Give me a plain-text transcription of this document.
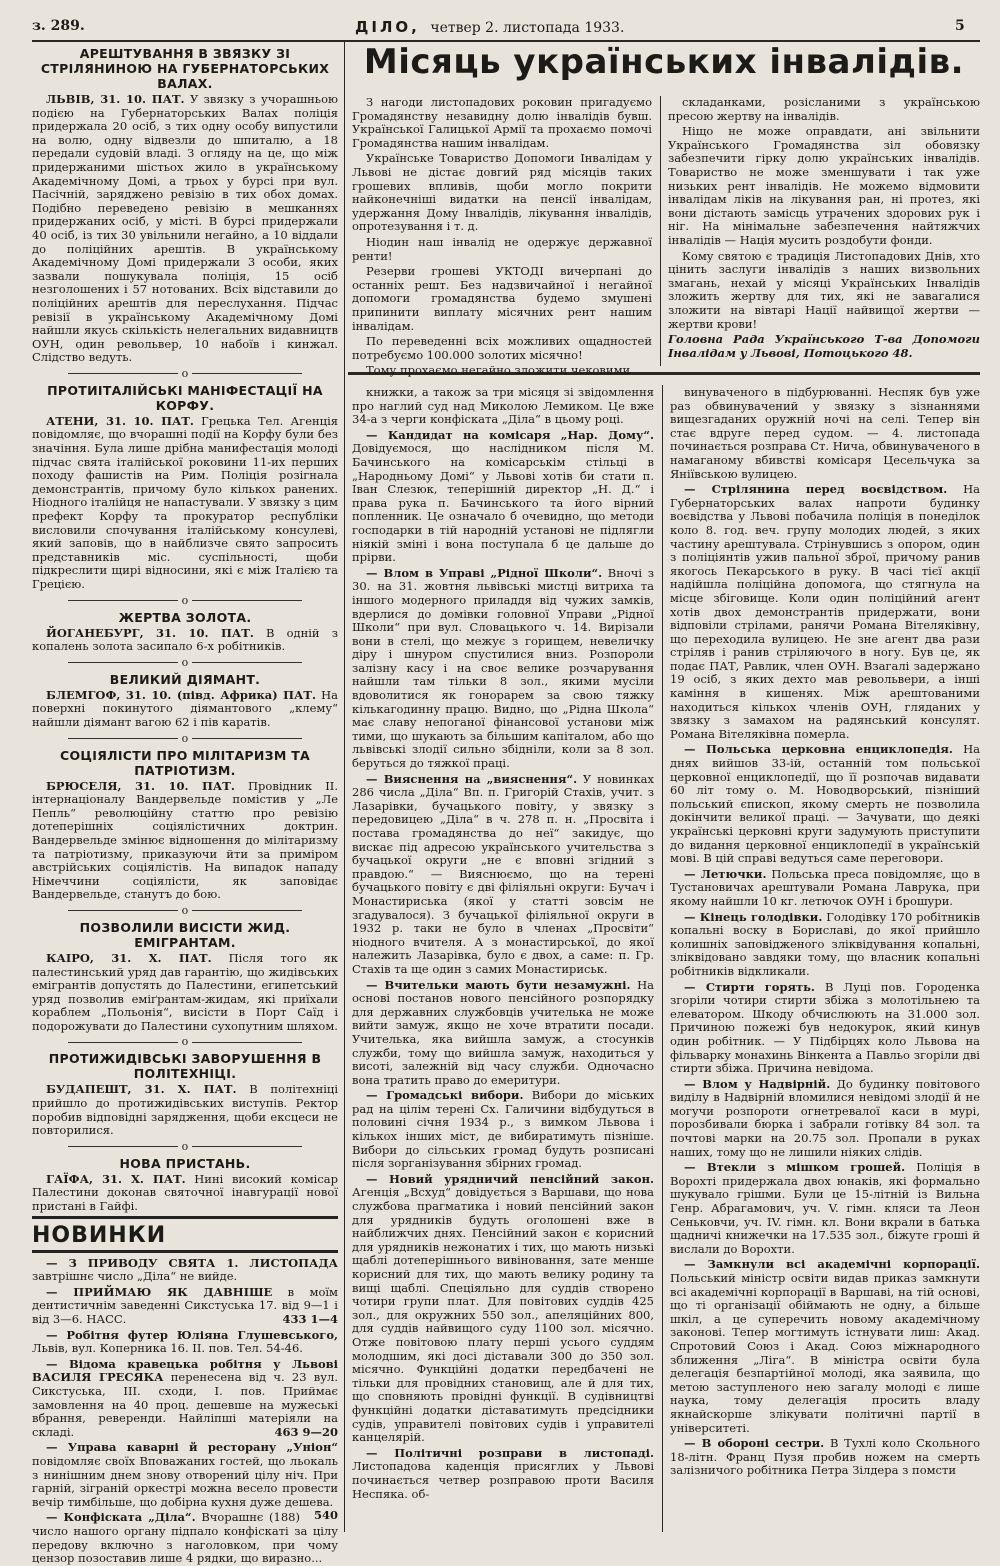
з. 289.	ДІЛО, четвер 2. листопада 1933.	5
АРЕШТУВАННЯ В ЗВЯЗКУ ЗІ СТРІЛЯНИНОЮ НА ГУБЕРНАТОРСЬКИХ ВАЛАХ.

ЛЬВІВ, 31. 10. ПАТ. У звязку з учорашньою подією на Губернаторських Валах поліція придержала 20 осіб, з тих одну особу випустили на волю, одну відвезли до шпиталю, а 18 передали судовій владі. З огляду на це, що між придержаними шістьох жило в українському Академічному Домі, а трьох у бурсі при вул. Пасічній, заряджено ревізію в тих обох домах. Подібно переведено ревізію в мешканнях придержаних осіб, у місті. В бурсі придержали 40 осіб, із тих 30 увільнили негайно, а 10 віддали до поліційних арештів. В українському Академічному Домі придержали 3 особи, яких зазвали пошукувала поліція, 15 осіб незголошених і 57 нотованих. Всіх відставили до поліційних арештів для переслухання. Підчас ревізії в українському Академічному Домі найшли якусь скількість нелегальних видавництв ОУН, один револьвер, 10 набоїв і кинжал. Слідство ведуть.

o
ПРОТИІТАЛІЙСЬКІ МАНІФЕСТАЦІЇ НА КОРФУ.

АТЕНИ, 31. 10. ПАТ. Грецька Тел. Агенція повідомляє, що вчорашні події на Корфу були без значіння. Була лише дрібна манифестація молоді підчас свята італійської роковини 11-их перших походу фашистів на Рим. Поліція розігнала демонстрантів, причому було кількох ранених. Ніодного італійця не напастували. У звязку з цим префект Корфу та прокуратор республіки висловили спочування італійському консулеві, який заповів, що в найблизче свято запросить представників міс. суспільності, щоби підкреслити щирі відносини, які є між Італією та Грецією.

o
ЖЕРТВА ЗОЛОТА.

ЙОГАНЕБУРГ, 31. 10. ПАТ. В одній з копалень золота засипало 6-х робітників.

o
ВЕЛИКИЙ ДІЯМАНТ.

БЛЕМГОФ, 31. 10. (півд. Африка) ПАТ. На поверхні покинутого діямантового „клему“ найшли діямант вагою 62 і пів каратів.

o
СОЦІЯЛІСТИ ПРО МІЛІТАРИЗМ ТА ПАТРІОТИЗМ.

БРЮСЕЛЯ, 31. 10. ПАТ. Провідник II. інтернаціоналу Вандервельде помістив у „Ле Пепль“ революційну статтю про ревізію дотеперішніх соціялістичних доктрин. Вандервельде змінює відношення до мілітаризму та патріотизму, приказуючи йти за приміром австрійських соціялістів. На випадок нападу Німеччини соціялісти, як заповідає Вандервельде, станутъ до бою.

o
ПОЗВОЛИЛИ ВИСІСТИ ЖИД. ЕМІГРАНТАМ.

КАІРО, 31. X. ПАТ. Після того як палестинський уряд дав гарантію, що жидівських емігрантів допустять до Палестини, египетський уряд позволив еміґрантам-жидам, які приїхали кораблем „Польонія“, висісти в Порт Саїд і подорожувати до Палестини сухопутним шляхом.

o
ПРОТИЖИДІВСЬКІ ЗАВОРУШЕННЯ В ПОЛІТЕХНІЦІ.

БУДАПЕШТ, 31. X. ПАТ. В політехніці прийшло до протижидівських виступів. Ректор поробив відповідні зарядження, щоби ексцеси не повторилися.

o
НОВА ПРИСТАНЬ.

ГАЇФА, 31. X. ПАТ. Нині високий комісар Палестини доконав святочної інавгурації нової пристані в Гайфі.

НОВИНКИ

— З ПРИВОДУ СВЯТА 1. ЛИСТОПАДА завтрішнє число „Діла“ не вийде.

— ПРИЙМАЮ ЯК ДАВНІШЕ в моїм дентистичнім заведенні Сикстуська 17. від 9—1 і від 3—6. НАСС.	433 1—4

— Робітня футер Юліяна Глушевського, Львів, вул. Коперника 16. II. пов. Тел. 54-46.

— Відома кравецька робітня у Львові ВАСИЛЯ ГРЕСЯКА перенесена від ч. 23 вул. Сикстуська, III. сходи, І. пов. Приймає замовлення на 40 проц. дешевше на мужеські вбрання, реверенди. Найліпші матеріяли на складі.	463 9—20

— Управа каварні й ресторану „Уніон“ повідомляє своїх Вповажаних гостей, що льокаль з нинішним днем знову отворений цілу ніч. При гарній, зіграній оркестрі можна весело провести вечір тимбільше, що добірна кухня дуже дешева.
540

— Конфіската „Діла“. Вчорашнє (188) число нашого органу підпало конфіскаті за цілу передову включно з наголовком, при чому цензор позоставив лише 4 рядки, що виразно...

Місяць українських інвалідів.

З нагоди листопадових роковин пригадуємо Громадянству незавидну долю інвалідів бувш. Української Галицької Армії та прохаємо помочі Громадянства нашим інвалідам.

Українське Товариство Допомоги Інвалідам у Львові не дістає довгий ряд місяців таких грошевих впливів, щоби могло покрити найконечніші видатки на пенсії інвалідам, удержання Дому Інвалідів, лікування інвалідів, опротезування і т. д.

Ніодин наш інвалід не одержує державної ренти!

Резерви грошеві УКТОДІ вичерпані до останніх решт. Без надзвичайної і негайної допомоги громадянства будемо змушені припинити виплату місячних рент нашим інвалідам.

По переведенні всіх можливих ощадностей потребуємо 100.000 золотих місячно!

Тому прохаємо негайно зложити чековими

складанками, розісланими з українською пресою жертву на інвалідів.

Ніщо не може оправдати, ані звільнити Українського Громадянства зіл обовязку забезпечити гірку долю українських інвалідів. Товариство не може зменшувати і так уже низьких рент інвалідів. Не можемо відмовити інвалідам ліків на лікування ран, ні протез, які вони дістають замісць утрачених здорових рук і ніг. На мінімальне забезпечення найтяжчих інвалідів — Нація мусить роздобути фонди.

Кому святою є традиція Листопадових Днів, хто цінить заслуги інвалідів з наших визвольних змагань, нехай у місяці Українських Інвалідів зложить жертву для тих, які не завагалися зложити на вівтарі Нації найвищої жертви — жертви крови!

Головна Рада Українського Т-ва Допомоги Інвалідам у Львові, Потоцького 48.

книжки, а також за три місяця зі звідомлення про наглий суд над Миколою Лемиком. Це вже 34-а з черги конфіската „Діла“ в цьому році.

— Кандидат на комісаря „Нар. Дому“. Довідуємося, що наслідником після М. Бачинського на комісарськім стільці в „Народньому Домі“ у Львові хотів би стати п. Іван Слезюк, теперішній директор „Н. Д.“ і права рука п. Бачинського та його вірний попленник. Це означало б очевидно, що методи господарки в тій народній установі не підлягли ніякій зміні і вона поступала б це дальше до прірви.

— Влом в Управі „Рідної Школи“. Вночі з 30. на 31. жовтня львівські мистці витриха та іншого модерного приладдя від чужих замків, вдерлися до домівки головної Управи „Рідної Школи“ при вул. Словацького ч. 14. Вирізали вони в стелі, що межує з горищем, невеличку діру і шнуром спустилися вниз. Розпороли залізну касу і на своє велике розчарування найшли там тільки 8 зол., якими мусіли вдоволитися як гонорарем за свою тяжку кількагодинну працю. Видно, що „Рідна Школа“ має славу непоганої фінансової установи між тими, що шукають за більшим капіталом, або що львівські злодії сильно збідніли, коли за 8 зол. беруться до тяжкої праці.

— Вияснення на „вияснення“. У новинках 286 числа „Діла“ Вп. п. Григорій Стахів, учит. з Лазарівки, бучацького повіту, у звязку з передовицею „Діла“ в ч. 278 п. н. „Просвіта і постава громадянства до неї“ закидує, що вискає під адресою українського учительства з бучацької округи „не є вповні згідний з правдою.“ — Вияснюємо, що на терені бучацького повіту є дві філіяльні округи: Бучач і Монастириська (якої у статті зовсім не згадувалося). З бучацької філіяльної округи в 1932 р. таки не було в членах „Просвіти“ ніодного вчителя. А з монастирської, до якої належить Лазарівка, було є двох, а саме: п. Гр. Стахів та ще один з самих Монастириськ.

— Вчительки мають бути незамужні. На основі постанов нового пенсійного розпорядку для державних службовців учителька не може вийти замуж, якщо не хоче втратити посади. Учителька, яка вийшла замуж, а стосунків служби, тому що вийшла замуж, находиться у висоті, залежній від часу служби. Одночасно вона тратить право до емеритури.

— Громадські вибори. Вибори до міських рад на цілім терені Сх. Галичини відбудуться в половині січня 1934 р., з вимком Львова і кількох інших міст, де вибиратимуть пізніше. Вибори до сільських громад будуть розписані після зорганізування збірних громад.

— Новий урядничий пенсійний закон. Агенція „Всхуд“ довідується з Варшави, що нова службова прагматика і новий пенсійний закон для урядників будуть оголошені вже в найближчих днях. Пенсійний закон є корисний для урядників нежонатих і тих, що мають низькі щаблі дотеперішнього вивіновання, зате менше корисний для тих, що мають велику родину та вищі щаблі. Спеціяльно для суддів створено чотири групи плат. Для повітових суддів 425 зол., для окружних 550 зол., апеляційних 800, для суддів найвищого суду 1100 зол. місячно. Отже повітовою плату перші усього суддям молодшим, які досі діставали 300 до 350 зол. місячно. Функційні додатки передбачені не тільки для провідних становищ, але й для тих, що сповняють провідні функції. В судівництві функційні додатки діставатимуть предсідники судів, управителі повітових судів і управителі канцелярій.

— Політичні розправи в листопаді. Листопадова каденція присяглих у Львові починається четвер розправою проти Василя Неспяка. об-

винуваченого в підбурюванні. Неспяк був уже раз обвинувачений у звязку з зізнаннями вищезгаданих оружній ночі на селі. Тепер він стає вдруге перед судом. — 4. листопада починається розправа Ст. Нича, обвинуваченого в намаганому вбивстві комісаря Цесельчука за Яніївською вулицею.

— Стрілянина перед воєвідством. На Губернаторських валах напроти будинку воєвідства у Львові побачила поліція в понеділок коло 8. год. веч. групу молодих людей, з яких частину арештувала. Стрінувшись з опором, один з поліціянтів ужив пальної зброї, причому ранив якогось Пекарського в руку. В часі тієї акції надійшла поліційна допомога, що стягнула на місце збіговище. Коли один поліційний агент хотів двох демонстрантів придержати, вони відповіли стрілами, ранячи Романа Вітеляківну, що переходила вулицею. Не зне агент два рази стріляв і ранив стріляючого в ногу. Був це, як подає ПАТ, Равлик, член ОУН. Взагалі задержано 19 осіб, з яких дехто мав револьвери, а інші каміння в кишенях. Між арештованими находиться кількох членів ОУН, гляданих у звязку з замахом на радянський консулят. Романа Вітеляківна померла.

— Польська церковна енциклопедія. На днях вийшов 33-ій, останній том польської церковної енциклопедії, що її розпочав видавати 60 літ тому о. М. Новодворський, пізніший польський єпископ, якому смерть не позволила докінчити великої праці. — Зачувати, що деякі українські церковні круги задумують приступити до видання церковної енциклопедії в українській мові. В цій справі ведуться саме переговори.

— Летючки. Польська преса повідомляє, що в Тустановичах арештували Романа Лаврука, при якому найшли 10 кг. летючок ОУН і брошури.

— Кінець голодівки. Голодівку 170 робітників копальні воску в Бориславі, до якої прийшло колишніх заповідженого зліквідування копальні, зліквідовано завдяки тому, що власник копальні робітників відкликали.

— Стирти горять. В Луці пов. Городенка згоріли чотири стирти збіжа з молотільнею та елеватором. Шкоду обчислюють на 31.000 зол. Причиною пожежі був недокурок, який кинув один робітник. — У Підбірцях коло Львова на фільварку монахинь Вінкента а Павльо згоріли дві стирти збіжа. Причина невідома.

— Влом у Надвірній. До будинку повітового виділу в Надвірній вломилися невідомі злодії й не могучи розпороти огнетревалої каси в мурі, порозбивали бюрка і забрали готівку 84 зол. та почтові марки на 20.75 зол. Пропали в руках наших, тому що не лишили ніяких слідів.

— Втекли з мішком грошей. Поліція в Ворохті придержала двох юнаків, які формально шукувало грішми. Були це 15-літній із Вильна Генр. Абрагамович, уч. V. гімн. кляси та Леон Сеньковчи, уч. IV. гімн. кл. Вони вкрали в батька щадничі книжечки на 17.535 зол., біжуте гроші й вислали до Ворохти.

— Замкнули всі академічні корпорації. Польський міністр освіти видав приказ замкнути всі академічні корпорації в Варшаві, на тій основі, що ті організації обіймають не одну, а більше шкіл, а це суперечить новому академічному законові. Тепер могтимуть істнувати лиш: Акад. Спротовий Союз і Акад. Союз міжнародного зближення „Ліга“. В міністра освіти була делегація безпартійної молоді, яка заявила, що метою заступленого нею загалу молоді є лише наука, тому делегація просить владу якнайскорше злікувати політичні партії в університеті.

— В обороні сестри. В Тухлі коло Скольного 18-літн. Франц Пузя пробив ножем на смерть залізничого робітника Петра Зілдера з помсти
